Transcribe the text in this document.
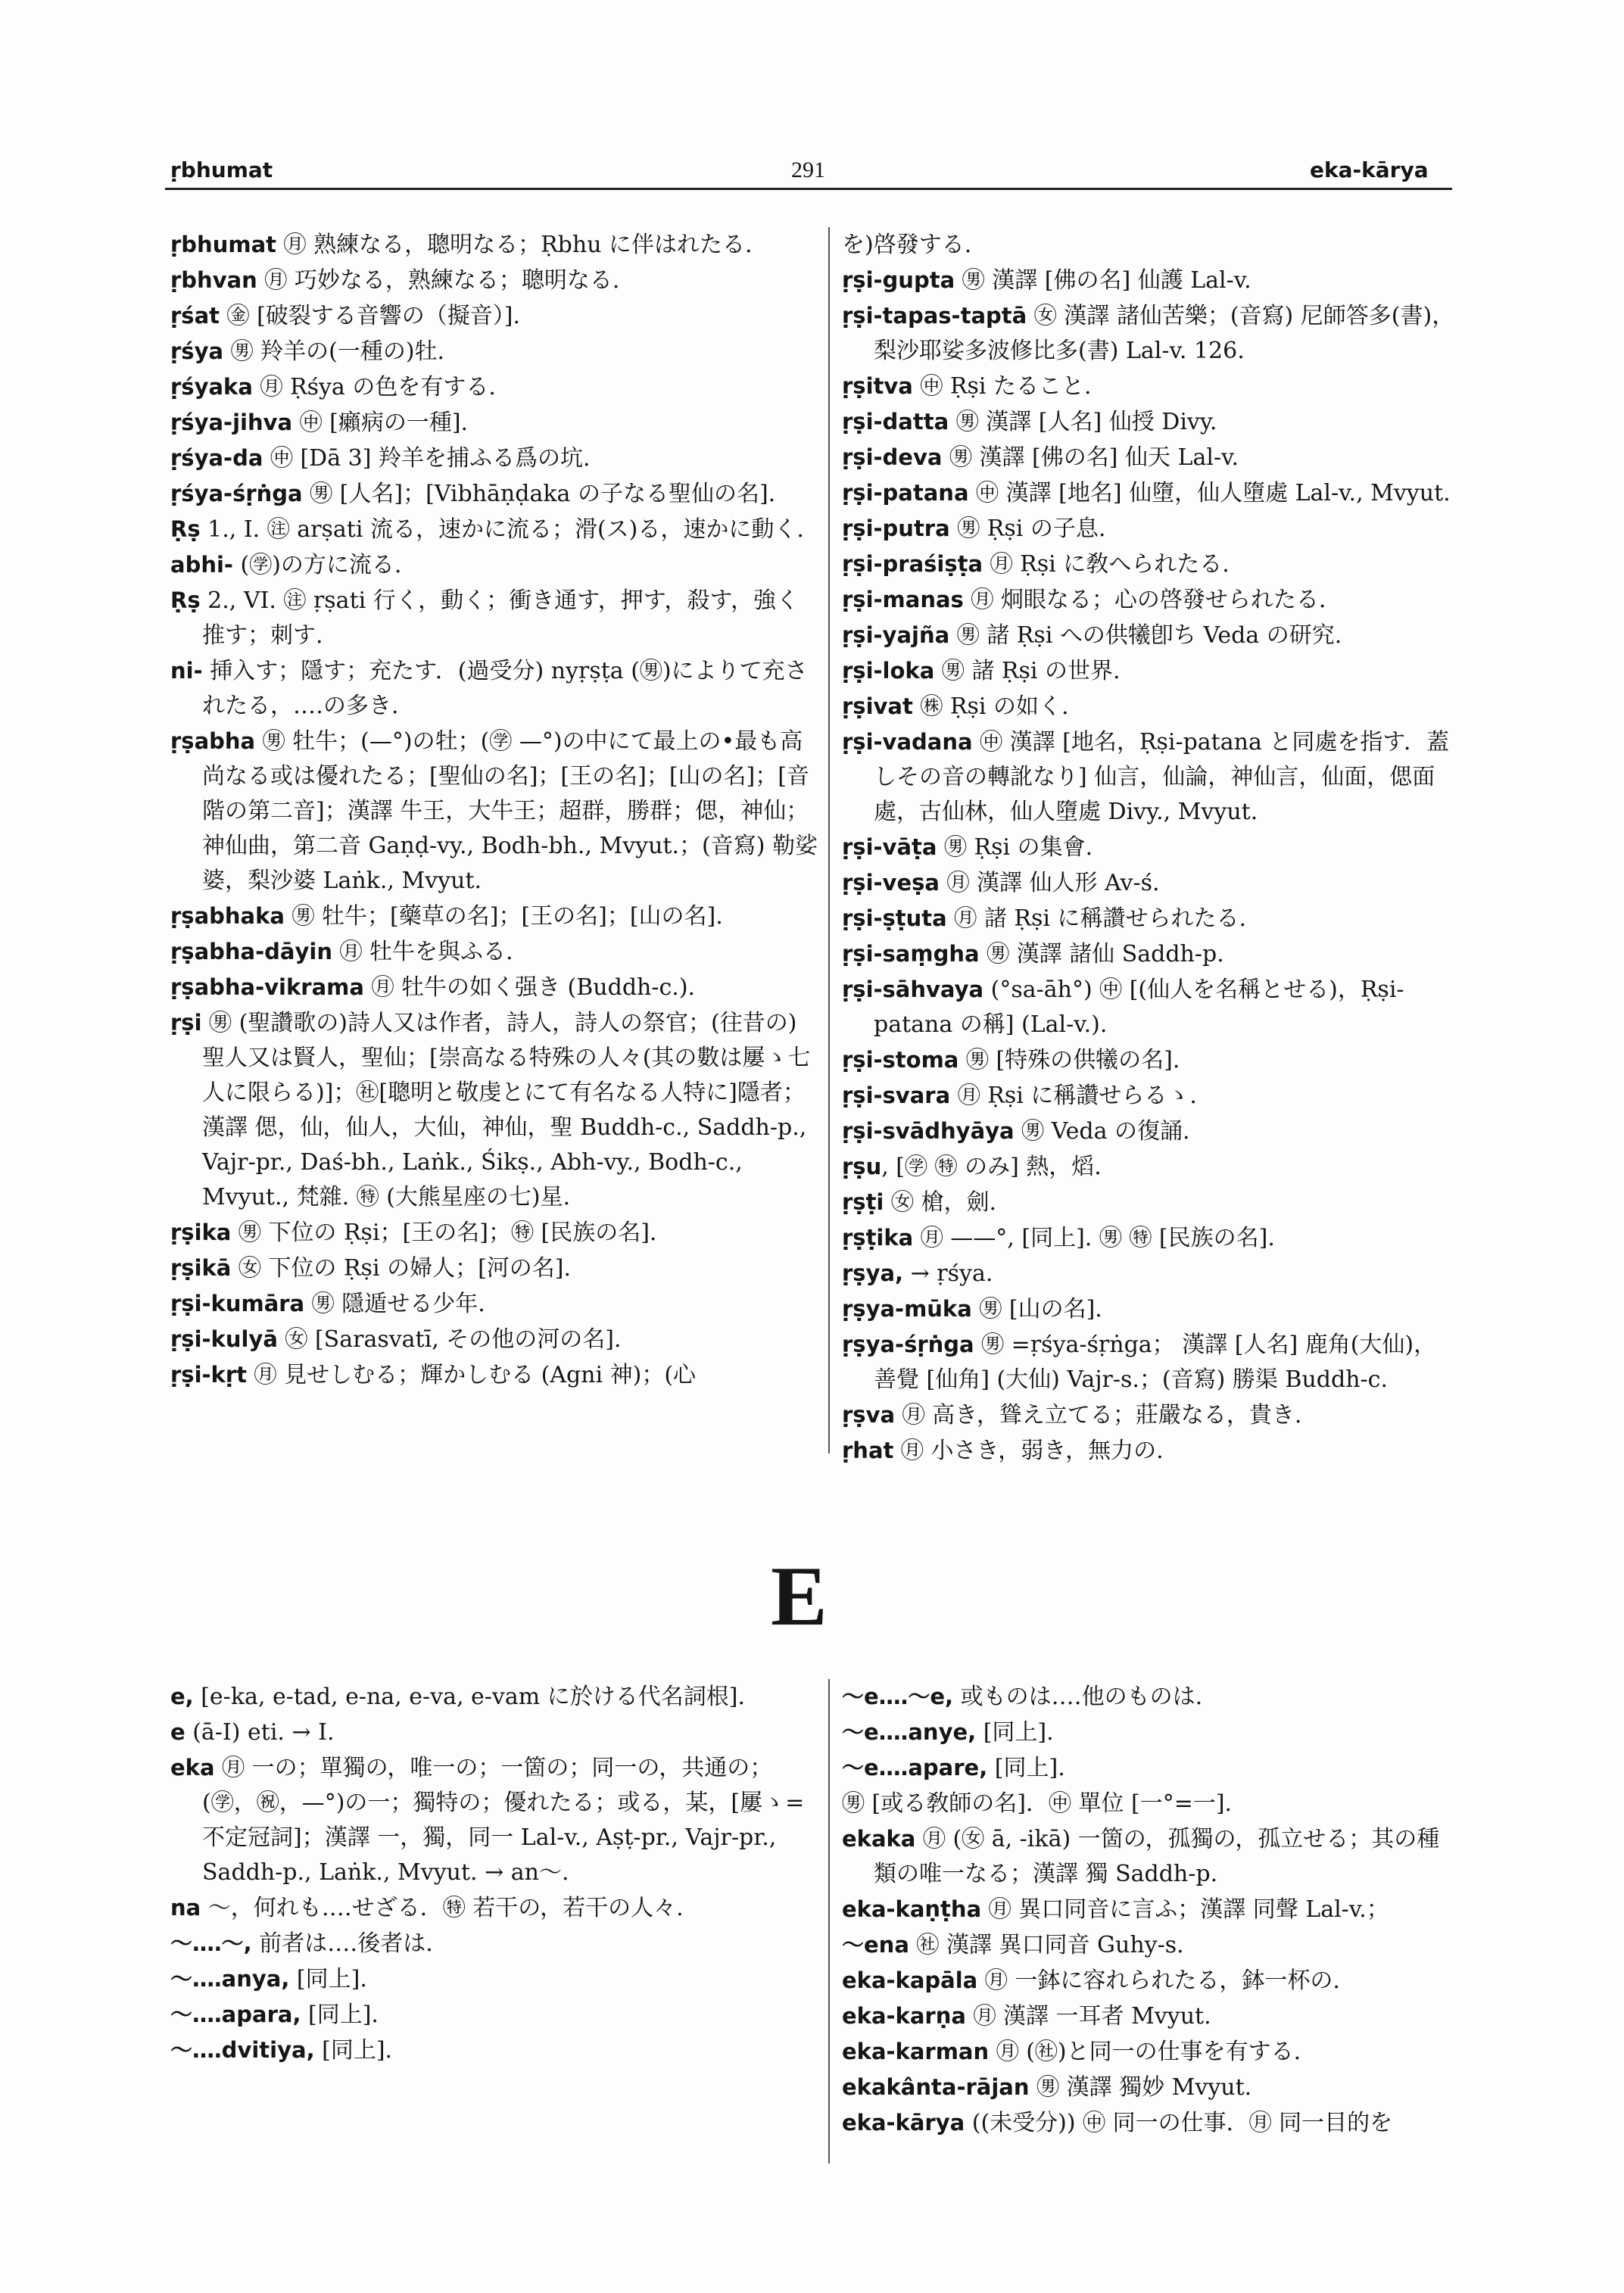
ṛbhumat	291	eka-kārya

ṛbhumat ㊊ 熟練なる，聰明なる；Ṛbhu に伴はれたる.

ṛbhvan ㊊ 巧妙なる，熟練なる；聰明なる.

ṛśat ㊎ [破裂する音響の（擬音）].

ṛśya ㊚ 羚羊の(一種の)牡.

ṛśyaka ㊊ Ṛśya の色を有する.

ṛśya-jihva ㊥ [癩病の一種].

ṛśya-da ㊥ [Dā 3] 羚羊を捕ふる爲の坑.

ṛśya-śṛṅga ㊚ [人名]；[Vibhāṇḍaka の子なる聖仙の名].

Ṛṣ 1., I. ㊟ arṣati 流る，速かに流る；滑(ス)る，速かに動く.

abhi- (㊫)の方に流る.

Ṛṣ 2., VI. ㊟ ṛṣati 行く，動く；衝き通す，押す，殺す，強く推す；刺す.

ni- 挿入す；隱す；充たす．(過受分) nyṛṣṭa (㊚)によりて充されたる，‥‥の多き.

ṛṣabha ㊚ 牡牛；(—°)の牡；(㊫ —°)の中にて最上の•最も高尚なる或は優れたる；[聖仙の名]；[王の名]；[山の名]；[音階の第二音]；漢譯 牛王，大牛王；超群，勝群；偲，神仙；神仙曲，第二音 Gaṇḍ-vy., Bodh-bh., Mvyut.；(音寫) 勒娑婆，梨沙婆 Laṅk., Mvyut.

ṛṣabhaka ㊚ 牡牛；[藥草の名]；[王の名]；[山の名].

ṛṣabha-dāyin ㊊ 牡牛を與ふる.

ṛṣabha-vikrama ㊊ 牡牛の如く强き (Buddh-c.).

ṛṣi ㊚ (聖讚歌の)詩人又は作者，詩人，詩人の祭官；(往昔の)聖人又は賢人，聖仙；[崇高なる特殊の人々(其の數は屢ゝ七人に限らる)]；㊓[聰明と敬虔とにて有名なる人特に]隱者；漢譯 偲，仙，仙人，大仙，神仙，聖 Buddh-c., Saddh-p., Vajr-pr., Daś-bh., Laṅk., Śikṣ., Abh-vy., Bodh-c., Mvyut., 梵雜. ㊕ (大熊星座の七)星.

ṛṣika ㊚ 下位の Ṛṣi；[王の名]；㊕ [民族の名].

ṛṣikā ㊛ 下位の Ṛṣi の婦人；[河の名].

ṛṣi-kumāra ㊚ 隱遁せる少年.

ṛṣi-kulyā ㊛ [Sarasvatī, その他の河の名].

ṛṣi-kṛt ㊊ 見せしむる；輝かしむる (Agni 神)；(心

を)啓發する.

ṛṣi-gupta ㊚ 漢譯 [佛の名] 仙護 Lal-v.

ṛṣi-tapas-taptā ㊛ 漢譯 諸仙苦樂；(音寫) 尼師答多(書)，梨沙耶娑多波修比多(書) Lal-v. 126.

ṛṣitva ㊥ Ṛṣi たること.

ṛṣi-datta ㊚ 漢譯 [人名] 仙授 Divy.

ṛṣi-deva ㊚ 漢譯 [佛の名] 仙天 Lal-v.

ṛṣi-patana ㊥ 漢譯 [地名] 仙墮，仙人墮處 Lal-v., Mvyut.

ṛṣi-putra ㊚ Ṛṣi の子息.

ṛṣi-praśiṣṭa ㊊ Ṛṣi に敎へられたる.

ṛṣi-manas ㊊ 炯眼なる；心の啓發せられたる.

ṛṣi-yajña ㊚ 諸 Ṛṣi への供犧卽ち Veda の研究.

ṛṣi-loka ㊚ 諸 Ṛṣi の世界.

ṛṣivat ㊑ Ṛṣi の如く.

ṛṣi-vadana ㊥ 漢譯 [地名，Ṛṣi-patana と同處を指す．蓋しその音の轉訛なり] 仙言，仙論，神仙言，仙面，偲面處，古仙林，仙人墮處 Divy., Mvyut.

ṛṣi-vāṭa ㊚ Ṛṣi の集會.

ṛṣi-veṣa ㊊ 漢譯 仙人形 Av-ś.

ṛṣi-ṣṭuta ㊊ 諸 Ṛṣi に稱讚せられたる.

ṛṣi-saṃgha ㊚ 漢譯 諸仙 Saddh-p.

ṛṣi-sāhvaya (°sa-āh°) ㊥ [(仙人を名稱とせる)，Ṛṣi-patana の稱] (Lal-v.).

ṛṣi-stoma ㊚ [特殊の供犧の名].

ṛṣi-svara ㊊ Ṛṣi に稱讚せらるゝ.

ṛṣi-svādhyāya ㊚ Veda の復誦.

ṛṣu, [㊫ ㊕ のみ] 熱，熖.

ṛṣṭi ㊛ 槍，劍.

ṛṣṭika ㊊ ——°, [同上]. ㊚ ㊕ [民族の名].

ṛṣya, → ṛśya.

ṛṣya-mūka ㊚ [山の名].

ṛṣya-śṛṅga ㊚ =ṛśya-śṛṅga； 漢譯 [人名] 鹿角(大仙)，善覺 [仙角] (大仙) Vajr-s.；(音寫) 勝渠 Buddh-c.

ṛṣva ㊊ 高き，聳え立てる；莊嚴なる，貴き.

ṛhat ㊊ 小さき，弱き，無力の.

E

e, [e-ka, e-tad, e-na, e-va, e-vam に於ける代名詞根].

e (ā-I) eti. → I.

eka ㊊ 一の；單獨の，唯一の；一箇の；同一の，共通の；(㊫，㊗，—°)の一；獨特の；優れたる；或る，某，[屢ゝ=不定冠詞]；漢譯 一，獨，同一 Lal-v., Aṣṭ-pr., Vajr-pr., Saddh-p., Laṅk., Mvyut. → an〜.

na 〜，何れも‥‥せざる．㊕ 若干の，若干の人々.

〜‥‥〜, 前者は‥‥後者は.

〜‥‥anya, [同上].

〜‥‥apara, [同上].

〜‥‥dvitiya, [同上].

〜e‥‥〜e, 或ものは‥‥他のものは.

〜e‥‥anye, [同上].

〜e‥‥apare, [同上].

㊚ [或る敎師の名]．㊥ 單位 [一°=一].

ekaka ㊊ (㊛ ā, -ikā) 一箇の，孤獨の，孤立せる；其の種類の唯一なる；漢譯 獨 Saddh-p.

eka-kaṇṭha ㊊ 異口同音に言ふ；漢譯 同聲 Lal-v.；

〜ena ㊓ 漢譯 異口同音 Guhy-s.

eka-kapāla ㊊ 一鉢に容れられたる，鉢一杯の.

eka-karṇa ㊊ 漢譯 一耳者 Mvyut.

eka-karman ㊊ (㊓)と同一の仕事を有する.

ekakânta-rājan ㊚ 漢譯 獨妙 Mvyut.

eka-kārya ((未受分)) ㊥ 同一の仕事．㊊ 同一目的を
